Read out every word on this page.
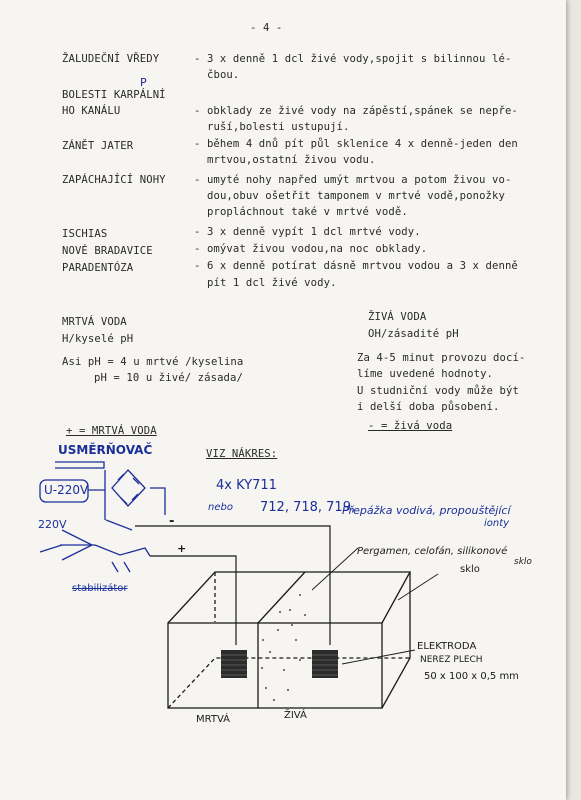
- 4 -
ŽALUDEČNÍ VŘEDY	- 3 x denně 1 dcl živé vody,spojit s bilinnou lé-
čbou.
P
BOLESTI KARPÁLNÍ
HO KANÁLU	- obklady ze živé vody na zápěstí,spánek se nepře-
ruší,bolesti ustupují.
ZÁNĚT JATER	- během 4 dnů pít půl sklenice 4 x denně-jeden den
mrtvou,ostatní živou vodu.
ZAPÁCHAJÍCÍ NOHY	- umyté nohy napřed umýt mrtvou a potom živou vo-
dou,obuv ošetřit tamponem v mrtvé vodě,ponožky
propláchnout také v mrtvé vodě.
ISCHIAS	- 3 x denně vypít 1 dcl mrtvé vody.
NOVÉ BRADAVICE	- omývat živou vodou,na noc obklady.
PARADENTÓZA	- 6 x denně potírat dásně mrtvou vodou a 3 x denně
pít 1 dcl živé vody.
MRTVÁ VODA
H/kyselé pH
Asi pH = 4 u mrtvé /kyselina
pH = 10 u živé/ zásada/
ŽIVÁ VODA
OH/zásadité pH
Za 4-5 minut provozu docí-
líme uvedené hodnoty.
U studniční vody může být
i delší doba působení.
- = živá voda
+ = MRTVÁ VODA
VIZ NÁKRES:
USMĚRŇOVAČ
U-220V
220V	-
+
stabilizátor
4x KY711
nebo 712, 718, 719,
Přepážka vodivá, propouštějící
ionty
Pergamen, celofán, silikonové
sklo
sklo
ELEKTRODA
NEREZ PLECH
50 x 100 x 0,5 mm
MRTVÁ	ŽIVÁ
